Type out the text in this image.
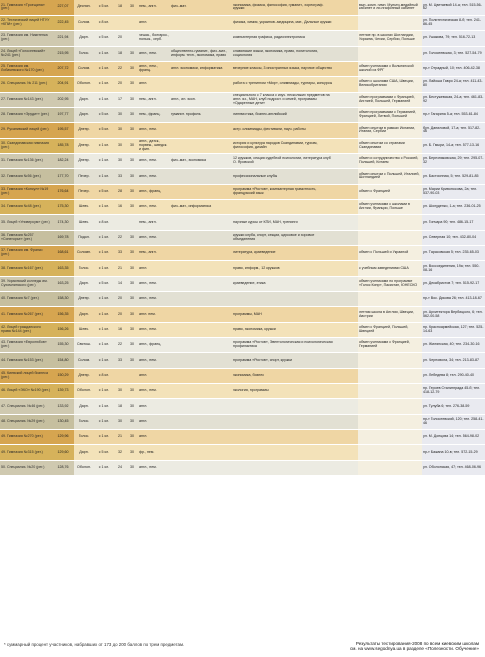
21. Гимназия «Троещина» (рег.)	227,07	Деснян.	с 5 кл.	18	30	нем., англ.	физ.-мат.	экономика, физика, философия, гуманит., хореограф. кружки		вып.-комп. гимн. Мульти-медийный кабинет и ли-нгафонный кабинет	ул. М. Цветаевой 14-а; тел. 515-56-62
22. Технический лицей НТУУ «КПИ» (рег.)	222,45	Солом.	с 8 кл.			англ.		физика, химия, украинов.-медицина, мат., Дальные кружки			ул. Политехническая 8-б; тел. 241-86-45
23. Гимназия им. Никитенка (рег.)	221,94	Дарн.	с 5 кл.	20		чешск., болгарск., польск., серб.		компьютерная графика, радиоэлектроника		летние пр. в школах Шотландии, Украина, Чехии, Сербии, Польше	ул. Ушакова, 79; тел. 516-72-13
24. Лицей «Голосеевский» №241 (рег.)	215,95	Голос.	с 1 кл.	18	30	англ., нем.	общественно-гуманит., физ.-мат., информ. техн., экономика, право	славянские языки, экономика, право, политология, социология			ул. Голосеевская, 3; тел. 527-54-79
25. Гимназия им. Лобачевского №170 (рег.)	207,72	Солом.	с 1 кл.	22	30	англ., нем., франц.	англ. экономики, информатика	вечерние классы, 3 иностранных языка, научное общество		обмен учениками с Вольнянской школой из ФРГ	пр-т Отрадный, 10; тел. 406-42-38
26. Специализ. № 211 (рег.)	204,91	Оболон.	с 1 кл.	20	30	англ.		работа с тренингом «Мир», олимпиады, турниры, конкурсы		обмен с школами США, Швеции, Великобритании	ул. Лайоша Гавро 24-а; тел. 411-43-80
27. Гимназия №143 (рег.)	202,95	Дарн.	с 1 кл.	17	30	нем., англ.	англ., ин. экон.	специального с 7 класса с изуч. нескольких предметов на англ. яз., МАН, клуб подрост. и семей, программы «Одаренные дети»		обмен программами с Францией, Англией, Польшей, Германией	ул. Бестужевская, 24-а; тел. 461-83-92
28. Гимназия «Эрудит» (рег.)	197,77	Дарн.	с 5 кл.	30	30	нем., франц.	гуманит. профиль	лингвистика, бизнес-английский		обмен программами с Германией, Францией, Литвой, Польшей	пр-т Гагарина 5-а; тел. 553-61-84
29. Русанивский лицей (рег.)	195,57	Днепр.	с 5 кл.	30	30	англ., нем.		астр. олимпиады, фестивали, науч. работы		обмен опытом в рамках Испании, Италии, Сербии	бул. Даниловой, 17-а; тел. 517-82-46
30. Скандинавская гимназия (рег.)	185,78	Днепр.	с 1 кл.	30	30	англ., датск., норвеж., шведск. и фин.		история и культура народов Скандинавии, туризм, философия, дизайн		обмен опытом со странами Скандинавии	ул. Б. Гмыри, 14-а; тел. 577-13-16
31. Гимназия №136 (рег.)	182,24	Днепр.	с 1 кл.	30	30	англ., нем.	физ.-мат., экономика	12 кружков, секция судебной психологии, литература клуб О. Яровской		обмен и сотрудничество с Россией, Польшей, Китаем	ул. Березняковская, 29; тел. 295-07-32
32. Гимназия №56 (рег.)	177,70	Печер.	с 1 кл.	33	30	англ., нем.		профессиональные клубы		обмен опытом с Польшей, Италией, Шотландией	ул. Бастионная, 5; тел. 529-81-85
33. Гимназия «Консул» №19 (рег.)	176,64	Печер.	с 5 кл.	28	30	англ., франц.		программа «Ростов», компьютерная грамотность, французский язык		обмен с Францией	ул. Марии Кривоносова, 2а; тел. 537-90-03
34. Гимназия №48 (рег.)	175,30	Шевч.	с 1 кл.	16	30	англ., нем.	физ.-мат., информатика			обмен учениками с школами в Англии, Франции, Польше	ул. Шолуденко, 1-а; тел. 236-01-25
35. Лицей «Универсум» (рег.)	174,30	Шевч.	с 8 кл.			нем., англ.		научные курсы от КПИ, МАН, тренинги			ул. Гончара 90; тел. 486-15-17
36. Гимназия №257 «Синегорье» (рег.)	169,78	Подол.	с 1 кл.	22	30	англ., нем.		кружки клуба, спорт, секции, цирковое и хоровое объединения			ул. Северная 10; тел. 432-80-04
37. Гимназия им. Франко (рег.)	168,61	Соломн.	с 1 кл.	33	30	нем., англ.		литература, краеведение		обмен с Польшей и Украиной	ул. Тарасовская 5; тел. 235-65-03
38. Гимназия №167 (рег.)	163,35	Голос.	с 1 кл.	21	30	англ.		право, информ., 12 кружков		с учебным заведениями США	ул. Воссоединения, 19а; тел. 550-08-16
39. Украинский колледж им. Сухомлинского (рег.)	163,25	Дарн.	с 5 кл.	14	30	англ., нем.		краеведение, этика		обмен учениками по программе «Голос Кипр», Пакистан, ЮНЕСКО	ул. Декабристов 7; тел. 515-92-17
40. Гимназия №7 (рег.)	158,30	Днепр.	с 1 кл.	20	30	англ., нем.					пр-т Вос. Дикова 26; тел. 413-18-67
41. Гимназия №267 (рег.)	156,35	Дарн.	с 1 кл.	20	30	англ. нем.		программы, МАН		летняя школа в Англии, Швеции, Австрии	ул. Архитектора Вербицкого, 6; тел. 562-00-58
42. Лицей гражданского права №144 (рег.)	156,26	Шевч.	с 1 кл.	16	30	англ., нем.		право, экономика, кружки		обмен с Францией, Польшей, Швецией	пр. Красноармейская, 127; тел. 525-14-63
43. Гимназия «Евролюбов» (рег.)	155,30	Святош.	с 1 кл.	22	30	англ., франц.		программа «Ростов», Эвентологическая и психологическая профилактика		обмен учениками с Францией, Германией	ул. Жилянская, 40; тел. 234-30-16
44. Гимназия №153 (рег.)	154,80	Солом.	с 1 кл.	33	30	англ., нем.		программа «Ростов», спорт, кружки			ул. Черновола, 34; тел. 213-83-87
45. Киевский лицей бизнеса (рег.)	150,29	Днепр.	с 8 кл.			англ.		экономика, бизнес			ул. Лебедева 8; тел. 290-40-40
46. Лицей «ЭКО» №190 (рег.)	139,73	Оболон.	с 1 кл.	30	30	англ., нем.		экология, программы			пр. Героев Сталинграда 45-б; тел. 418-12-79
47. Специализ. №46 (рег.)	133,92	Дарн.	с 1 кл.	18	30	англ.					ул. Тулуба 6; тел. 276-38-59
48. Специализ. №29 (рег.)	130,45	Голос.	с 1 кл.	30	30	англ.					пр-т Голосеевский, 120; тел. 258-41-46
49. Гимназия №270 (рег.)	129,96	Голос.	с 1 кл.	21	30	англ.					ул. М. Донцова 14; тел. 564-98-02
49. Гимназия №315 (рег.)	129,60	Дарн.	с 5 кл.	32	30	фр., нем.					пр-т Бажана 10-в; тел. 572-15-29
50. Специализ. №20 (рег.)	128,76	Оболон.	с 1 кл.	24	30	англ., нем.					ул. Оболонская, 47; тел. 468-06-96
* суммарный процент участников, набравших от 173 до 200 баллов по трем предметам.	Результаты тестирования-2008 по всем киевским школам
см. на www.segodnya.ua в разделе «Полезности. Обучение»
